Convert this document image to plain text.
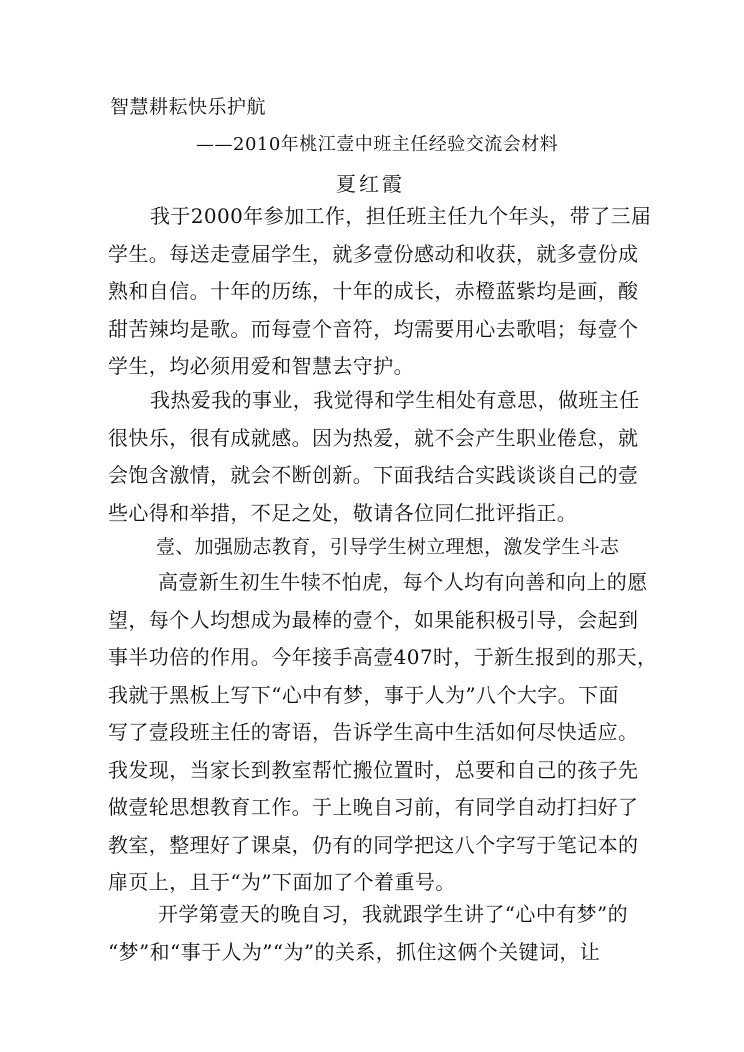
智慧耕耘快乐护航
——2010年桃江壹中班主任经验交流会材料
夏红霞
我于2000年参加工作，担任班主任九个年头，带了三届
学生。每送走壹届学生，就多壹份感动和收获，就多壹份成
熟和自信。十年的历练，十年的成长，赤橙蓝紫均是画，酸
甜苦辣均是歌。而每壹个音符，均需要用心去歌唱；每壹个
学生，均必须用爱和智慧去守护。
我热爱我的事业，我觉得和学生相处有意思，做班主任
很快乐，很有成就感。因为热爱，就不会产生职业倦怠，就
会饱含激情，就会不断创新。下面我结合实践谈谈自己的壹
些心得和举措，不足之处，敬请各位同仁批评指正。
壹、加强励志教育，引导学生树立理想，激发学生斗志
高壹新生初生牛犊不怕虎，每个人均有向善和向上的愿
望，每个人均想成为最棒的壹个，如果能积极引导，会起到
事半功倍的作用。今年接手高壹407时，于新生报到的那天，
我就于黑板上写下“心中有梦，事于人为”八个大字。下面
写了壹段班主任的寄语，告诉学生高中生活如何尽快适应。
我发现，当家长到教室帮忙搬位置时，总要和自己的孩子先
做壹轮思想教育工作。于上晚自习前，有同学自动打扫好了
教室，整理好了课桌，仍有的同学把这八个字写于笔记本的
扉页上，且于“为”下面加了个着重号。
开学第壹天的晚自习，我就跟学生讲了“心中有梦”的
“梦”和“事于人为”“为”的关系，抓住这俩个关键词，让
